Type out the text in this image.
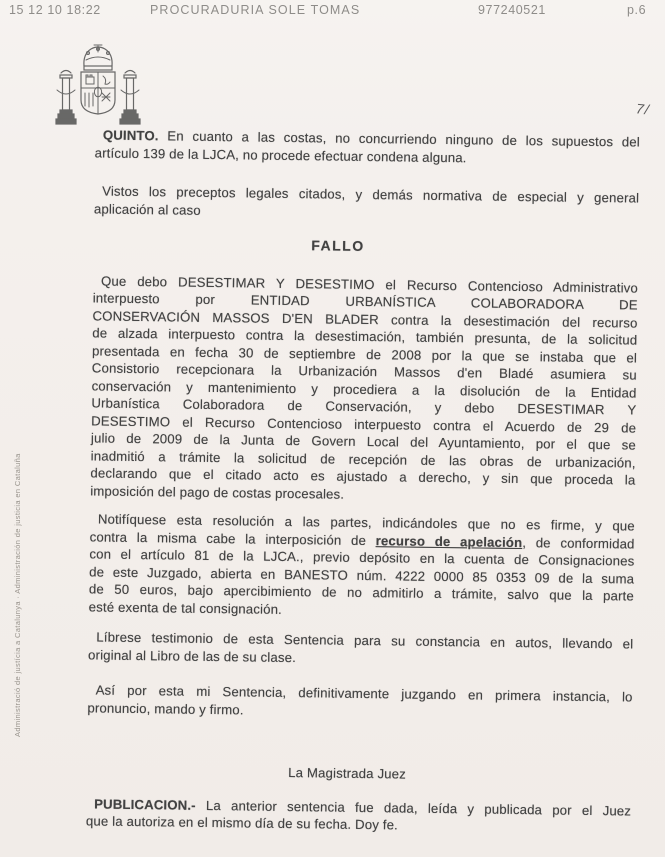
15 12 10 18:22	PROCURADURIA SOLE TOMAS	977240521	p.6
7/
Administració de justícia a Catalunya · Administración de justicia en Cataluña
QUINTO. En cuanto a las costas, no concurriendo ninguno de los supuestos del
artículo 139 de la LJCA, no procede efectuar condena alguna.
Vistos los preceptos legales citados, y demás normativa de especial y general
aplicación al caso
FALLO
Que debo DESESTIMAR Y DESESTIMO el Recurso Contencioso Administrativo
interpuesto por ENTIDAD URBANÍSTICA COLABORADORA DE
CONSERVACIÓN MASSOS D'EN BLADER contra la desestimación del recurso
de alzada interpuesto contra la desestimación, también presunta, de la solicitud
presentada en fecha 30 de septiembre de 2008 por la que se instaba que el
Consistorio recepcionara la Urbanización Massos d'en Bladé asumiera su
conservación y mantenimiento y procediera a la disolución de la Entidad
Urbanística Colaboradora de Conservación, y debo DESESTIMAR Y
DESESTIMO el Recurso Contencioso interpuesto contra el Acuerdo de 29 de
julio de 2009 de la Junta de Govern Local del Ayuntamiento, por el que se
inadmitió a trámite la solicitud de recepción de las obras de urbanización,
declarando que el citado acto es ajustado a derecho, y sin que proceda la
imposición del pago de costas procesales.
Notifíquese esta resolución a las partes, indicándoles que no es firme, y que
contra la misma cabe la interposición de recurso de apelación, de conformidad
con el artículo 81 de la LJCA., previo depósito en la cuenta de Consignaciones
de este Juzgado, abierta en BANESTO núm. 4222 0000 85 0353 09 de la suma
de 50 euros, bajo apercibimiento de no admitirlo a trámite, salvo que la parte
esté exenta de tal consignación.
Líbrese testimonio de esta Sentencia para su constancia en autos, llevando el
original al Libro de las de su clase.
Así por esta mi Sentencia, definitivamente juzgando en primera instancia, lo
pronuncio, mando y firmo.
La Magistrada Juez
PUBLICACION.- La anterior sentencia fue dada, leída y publicada por el Juez
que la autoriza en el mismo día de su fecha. Doy fe.
